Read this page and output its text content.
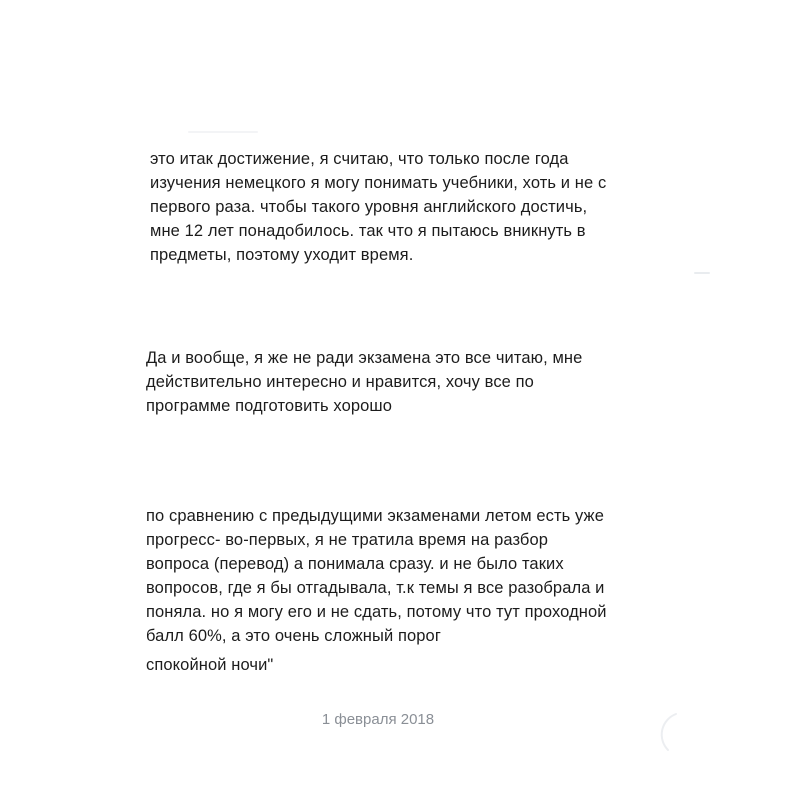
это итак достижение, я считаю, что только после года
изучения немецкого я могу понимать учебники, хоть и не с
первого раза. чтобы такого уровня английского достичь,
мне 12 лет понадобилось. так что я пытаюсь вникнуть в
предметы, поэтому уходит время.
Да и вообще, я же не ради экзамена это все читаю, мне
действительно интересно и нравится, хочу все по
программе подготовить хорошо
по сравнению с предыдущими экзаменами летом есть уже
прогресс- во-первых, я не тратила время на разбор
вопроса (перевод) а понимала сразу. и не было таких
вопросов, где я бы отгадывала, т.к темы я все разобрала и
поняла. но я могу его и не сдать, потому что тут проходной
балл 60%, а это очень сложный порог
спокойной ночи"
1 февраля 2018
